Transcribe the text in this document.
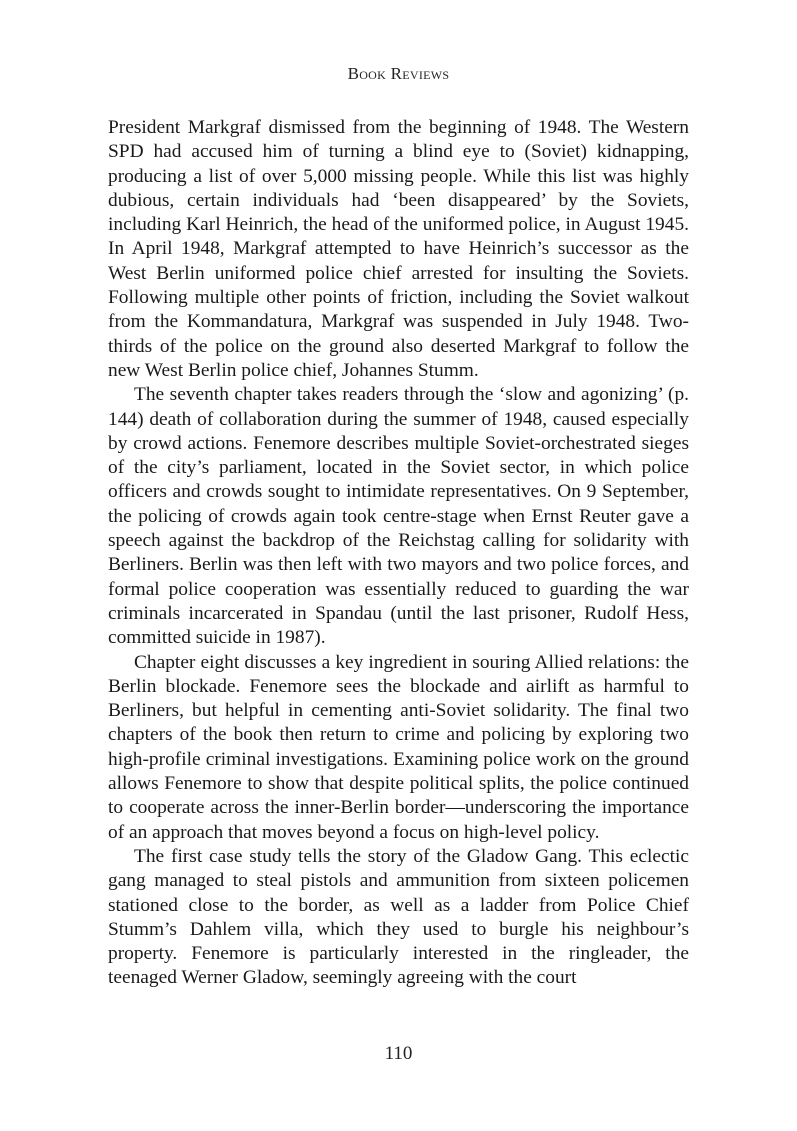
Book Reviews

President Markgraf dismissed from the beginning of 1948. The Western SPD had accused him of turning a blind eye to (Soviet) kidnapping, producing a list of over 5,000 missing people. While this list was highly dubious, certain individuals had ‘been disappeared’ by the Soviets, including Karl Heinrich, the head of the uniformed police, in August 1945. In April 1948, Markgraf attempted to have Heinrich’s successor as the West Berlin uniformed police chief arrested for insulting the Soviets. Following multiple other points of friction, including the Soviet walkout from the Kommandatura, Markgraf was suspended in July 1948. Two-thirds of the police on the ground also deserted Markgraf to follow the new West Berlin police chief, Johannes Stumm.

The seventh chapter takes readers through the ‘slow and agonizing’ (p. 144) death of collaboration during the summer of 1948, caused especially by crowd actions. Fenemore describes multiple Soviet-orchestrated sieges of the city’s parliament, located in the Soviet sector, in which police officers and crowds sought to intimidate representatives. On 9 September, the policing of crowds again took centre-stage when Ernst Reuter gave a speech against the backdrop of the Reichstag calling for solidarity with Berliners. Berlin was then left with two mayors and two police forces, and formal police cooperation was essentially reduced to guarding the war criminals incarcerated in Spandau (until the last prisoner, Rudolf Hess, committed suicide in 1987).

Chapter eight discusses a key ingredient in souring Allied relations: the Berlin blockade. Fenemore sees the blockade and airlift as harmful to Berliners, but helpful in cementing anti-Soviet solidarity. The final two chapters of the book then return to crime and policing by exploring two high-profile criminal investigations. Examining police work on the ground allows Fenemore to show that despite political splits, the police continued to cooperate across the inner-Berlin border—underscoring the importance of an approach that moves beyond a focus on high-level policy.

The first case study tells the story of the Gladow Gang. This eclectic gang managed to steal pistols and ammunition from sixteen policemen stationed close to the border, as well as a ladder from Police Chief Stumm’s Dahlem villa, which they used to burgle his neighbour’s property. Fenemore is particularly interested in the ringleader, the teenaged Werner Gladow, seemingly agreeing with the court

110
